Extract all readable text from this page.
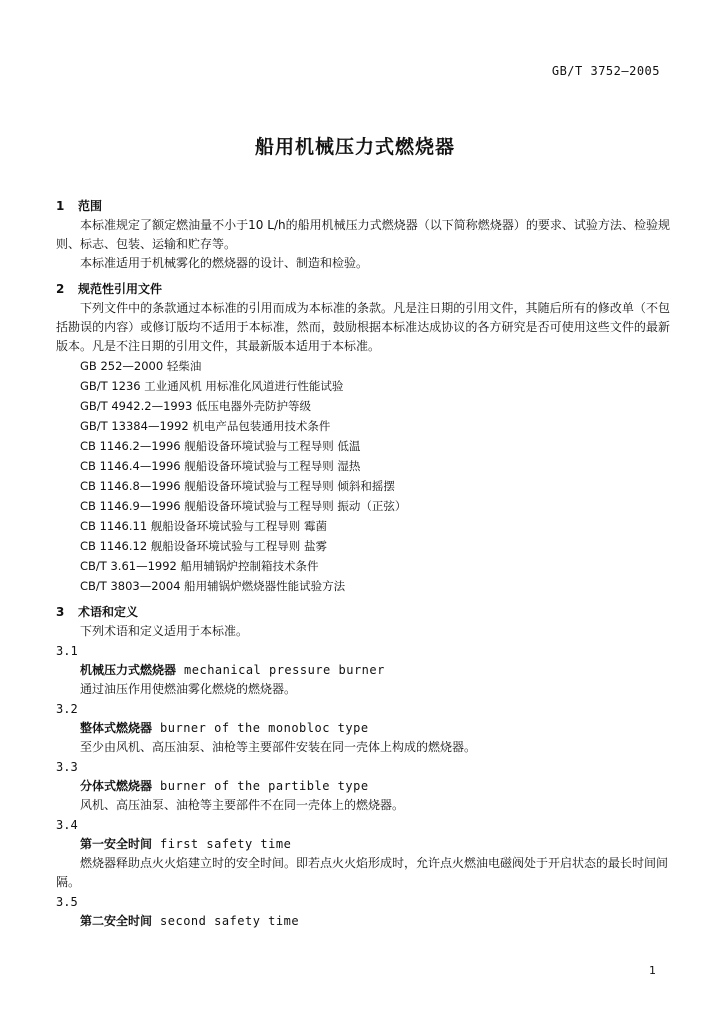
GB/T 3752—2005
船用机械压力式燃烧器
1 范围
本标准规定了额定燃油量不小于10 L/h的船用机械压力式燃烧器（以下简称燃烧器）的要求、试验方法、检验规则、标志、包装、运输和贮存等。
本标准适用于机械雾化的燃烧器的设计、制造和检验。
2 规范性引用文件
下列文件中的条款通过本标准的引用而成为本标准的条款。凡是注日期的引用文件，其随后所有的修改单（不包括勘误的内容）或修订版均不适用于本标准，然而，鼓励根据本标准达成协议的各方研究是否可使用这些文件的最新版本。凡是不注日期的引用文件，其最新版本适用于本标准。
GB 252—2000 轻柴油
GB/T 1236 工业通风机 用标准化风道进行性能试验
GB/T 4942.2—1993 低压电器外壳防护等级
GB/T 13384—1992 机电产品包装通用技术条件
CB 1146.2—1996 舰船设备环境试验与工程导则 低温
CB 1146.4—1996 舰船设备环境试验与工程导则 湿热
CB 1146.8—1996 舰船设备环境试验与工程导则 倾斜和摇摆
CB 1146.9—1996 舰船设备环境试验与工程导则 振动（正弦）
CB 1146.11 舰船设备环境试验与工程导则 霉菌
CB 1146.12 舰船设备环境试验与工程导则 盐雾
CB/T 3.61—1992 船用辅锅炉控制箱技术条件
CB/T 3803—2004 船用辅锅炉燃烧器性能试验方法
3 术语和定义
下列术语和定义适用于本标准。
3.1
机械压力式燃烧器 mechanical pressure burner
通过油压作用使燃油雾化燃烧的燃烧器。
3.2
整体式燃烧器 burner of the monobloc type
至少由风机、高压油泵、油枪等主要部件安装在同一壳体上构成的燃烧器。
3.3
分体式燃烧器 burner of the partible type
风机、高压油泵、油枪等主要部件不在同一壳体上的燃烧器。
3.4
第一安全时间 first safety time
燃烧器释助点火火焰建立时的安全时间。即若点火火焰形成时，允许点火燃油电磁阀处于开启状态的最长时间间隔。
3.5
第二安全时间 second safety time
1
